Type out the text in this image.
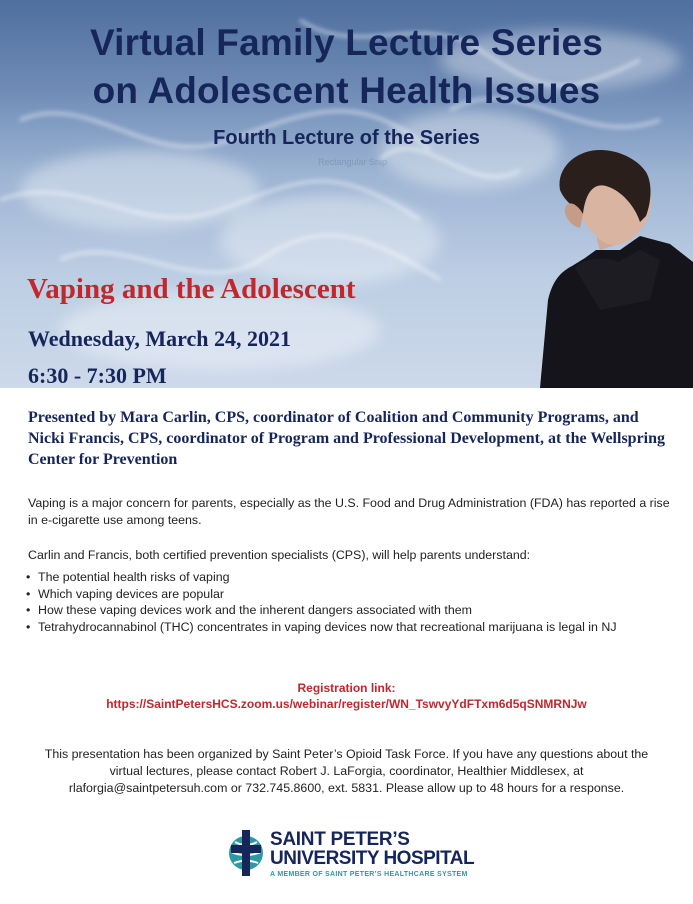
Virtual Family Lecture Series
on Adolescent Health Issues
Fourth Lecture of the Series
Rectangular Snip
Vaping and the Adolescent
Wednesday, March 24, 2021
6:30 - 7:30 PM
Presented by Mara Carlin, CPS, coordinator of Coalition and Community Programs, and Nicki Francis, CPS, coordinator of Program and Professional Development, at the Wellspring Center for Prevention
Vaping is a major concern for parents, especially as the U.S. Food and Drug Administration (FDA) has reported a rise in e-cigarette use among teens.
Carlin and Francis, both certified prevention specialists (CPS), will help parents understand:
• The potential health risks of vaping
• Which vaping devices are popular
• How these vaping devices work and the inherent dangers associated with them
• Tetrahydrocannabinol (THC) concentrates in vaping devices now that recreational marijuana is legal in NJ
Registration link:
https://SaintPetersHCS.zoom.us/webinar/register/WN_TswvyYdFTxm6d5qSNMRNJw
This presentation has been organized by Saint Peter’s Opioid Task Force. If you have any questions about the virtual lectures, please contact Robert J. LaForgia, coordinator, Healthier Middlesex, at rlaforgia@saintpetersuh.com or 732.745.8600, ext. 5831. Please allow up to 48 hours for a response.
SAINT PETER’S
UNIVERSITY HOSPITAL
A MEMBER OF SAINT PETER’S HEALTHCARE SYSTEM
